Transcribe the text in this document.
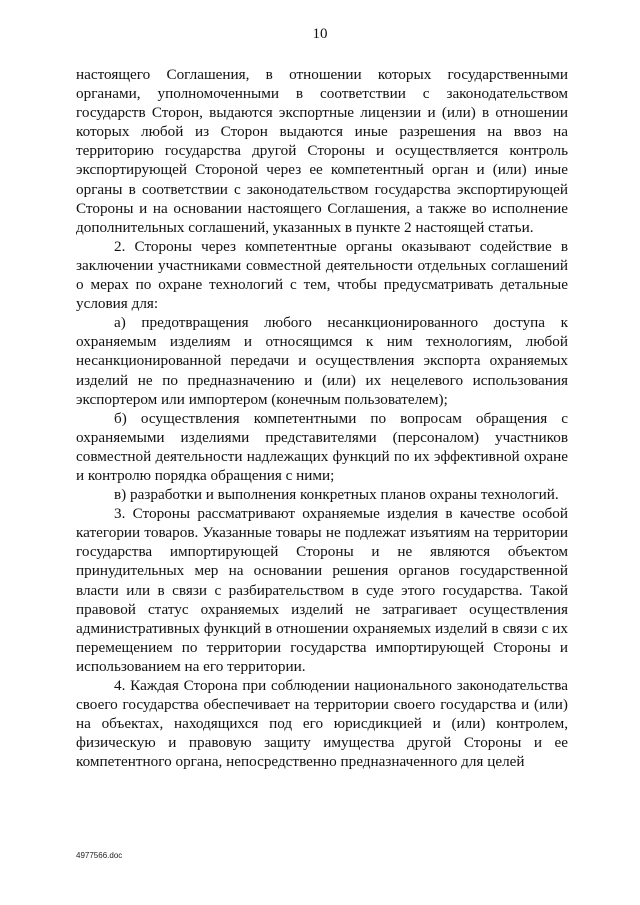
10

настоящего Соглашения, в отношении которых государственными органами, уполномоченными в соответствии с законодательством государств Сторон, выдаются экспортные лицензии и (или) в отношении которых любой из Сторон выдаются иные разрешения на ввоз на территорию государства другой Стороны и осуществляется контроль экспортирующей Стороной через ее компетентный орган и (или) иные органы в соответствии с законодательством государства экспортирующей Стороны и на основании настоящего Соглашения, а также во исполнение дополнительных соглашений, указанных в пункте 2 настоящей статьи.

2. Стороны через компетентные органы оказывают содействие в заключении участниками совместной деятельности отдельных соглашений о мерах по охране технологий с тем, чтобы предусматривать детальные условия для:

а) предотвращения любого несанкционированного доступа к охраняемым изделиям и относящимся к ним технологиям, любой несанкционированной передачи и осуществления экспорта охраняемых изделий не по предназначению и (или) их нецелевого использования экспортером или импортером (конечным пользователем);

б) осуществления компетентными по вопросам обращения с охраняемыми изделиями представителями (персоналом) участников совместной деятельности надлежащих функций по их эффективной охране и контролю порядка обращения с ними;

в) разработки и выполнения конкретных планов охраны технологий.

3. Стороны рассматривают охраняемые изделия в качестве особой категории товаров. Указанные товары не подлежат изъятиям на территории государства импортирующей Стороны и не являются объектом принудительных мер на основании решения органов государственной власти или в связи с разбирательством в суде этого государства. Такой правовой статус охраняемых изделий не затрагивает осуществления административных функций в отношении охраняемых изделий в связи с их перемещением по территории государства импортирующей Стороны и использованием на его территории.

4. Каждая Сторона при соблюдении национального законодательства своего государства обеспечивает на территории своего государства и (или) на объектах, находящихся под его юрисдикцией и (или) контролем, физическую и правовую защиту имущества другой Стороны и ее компетентного органа, непосредственно предназначенного для целей

4977566.doc
